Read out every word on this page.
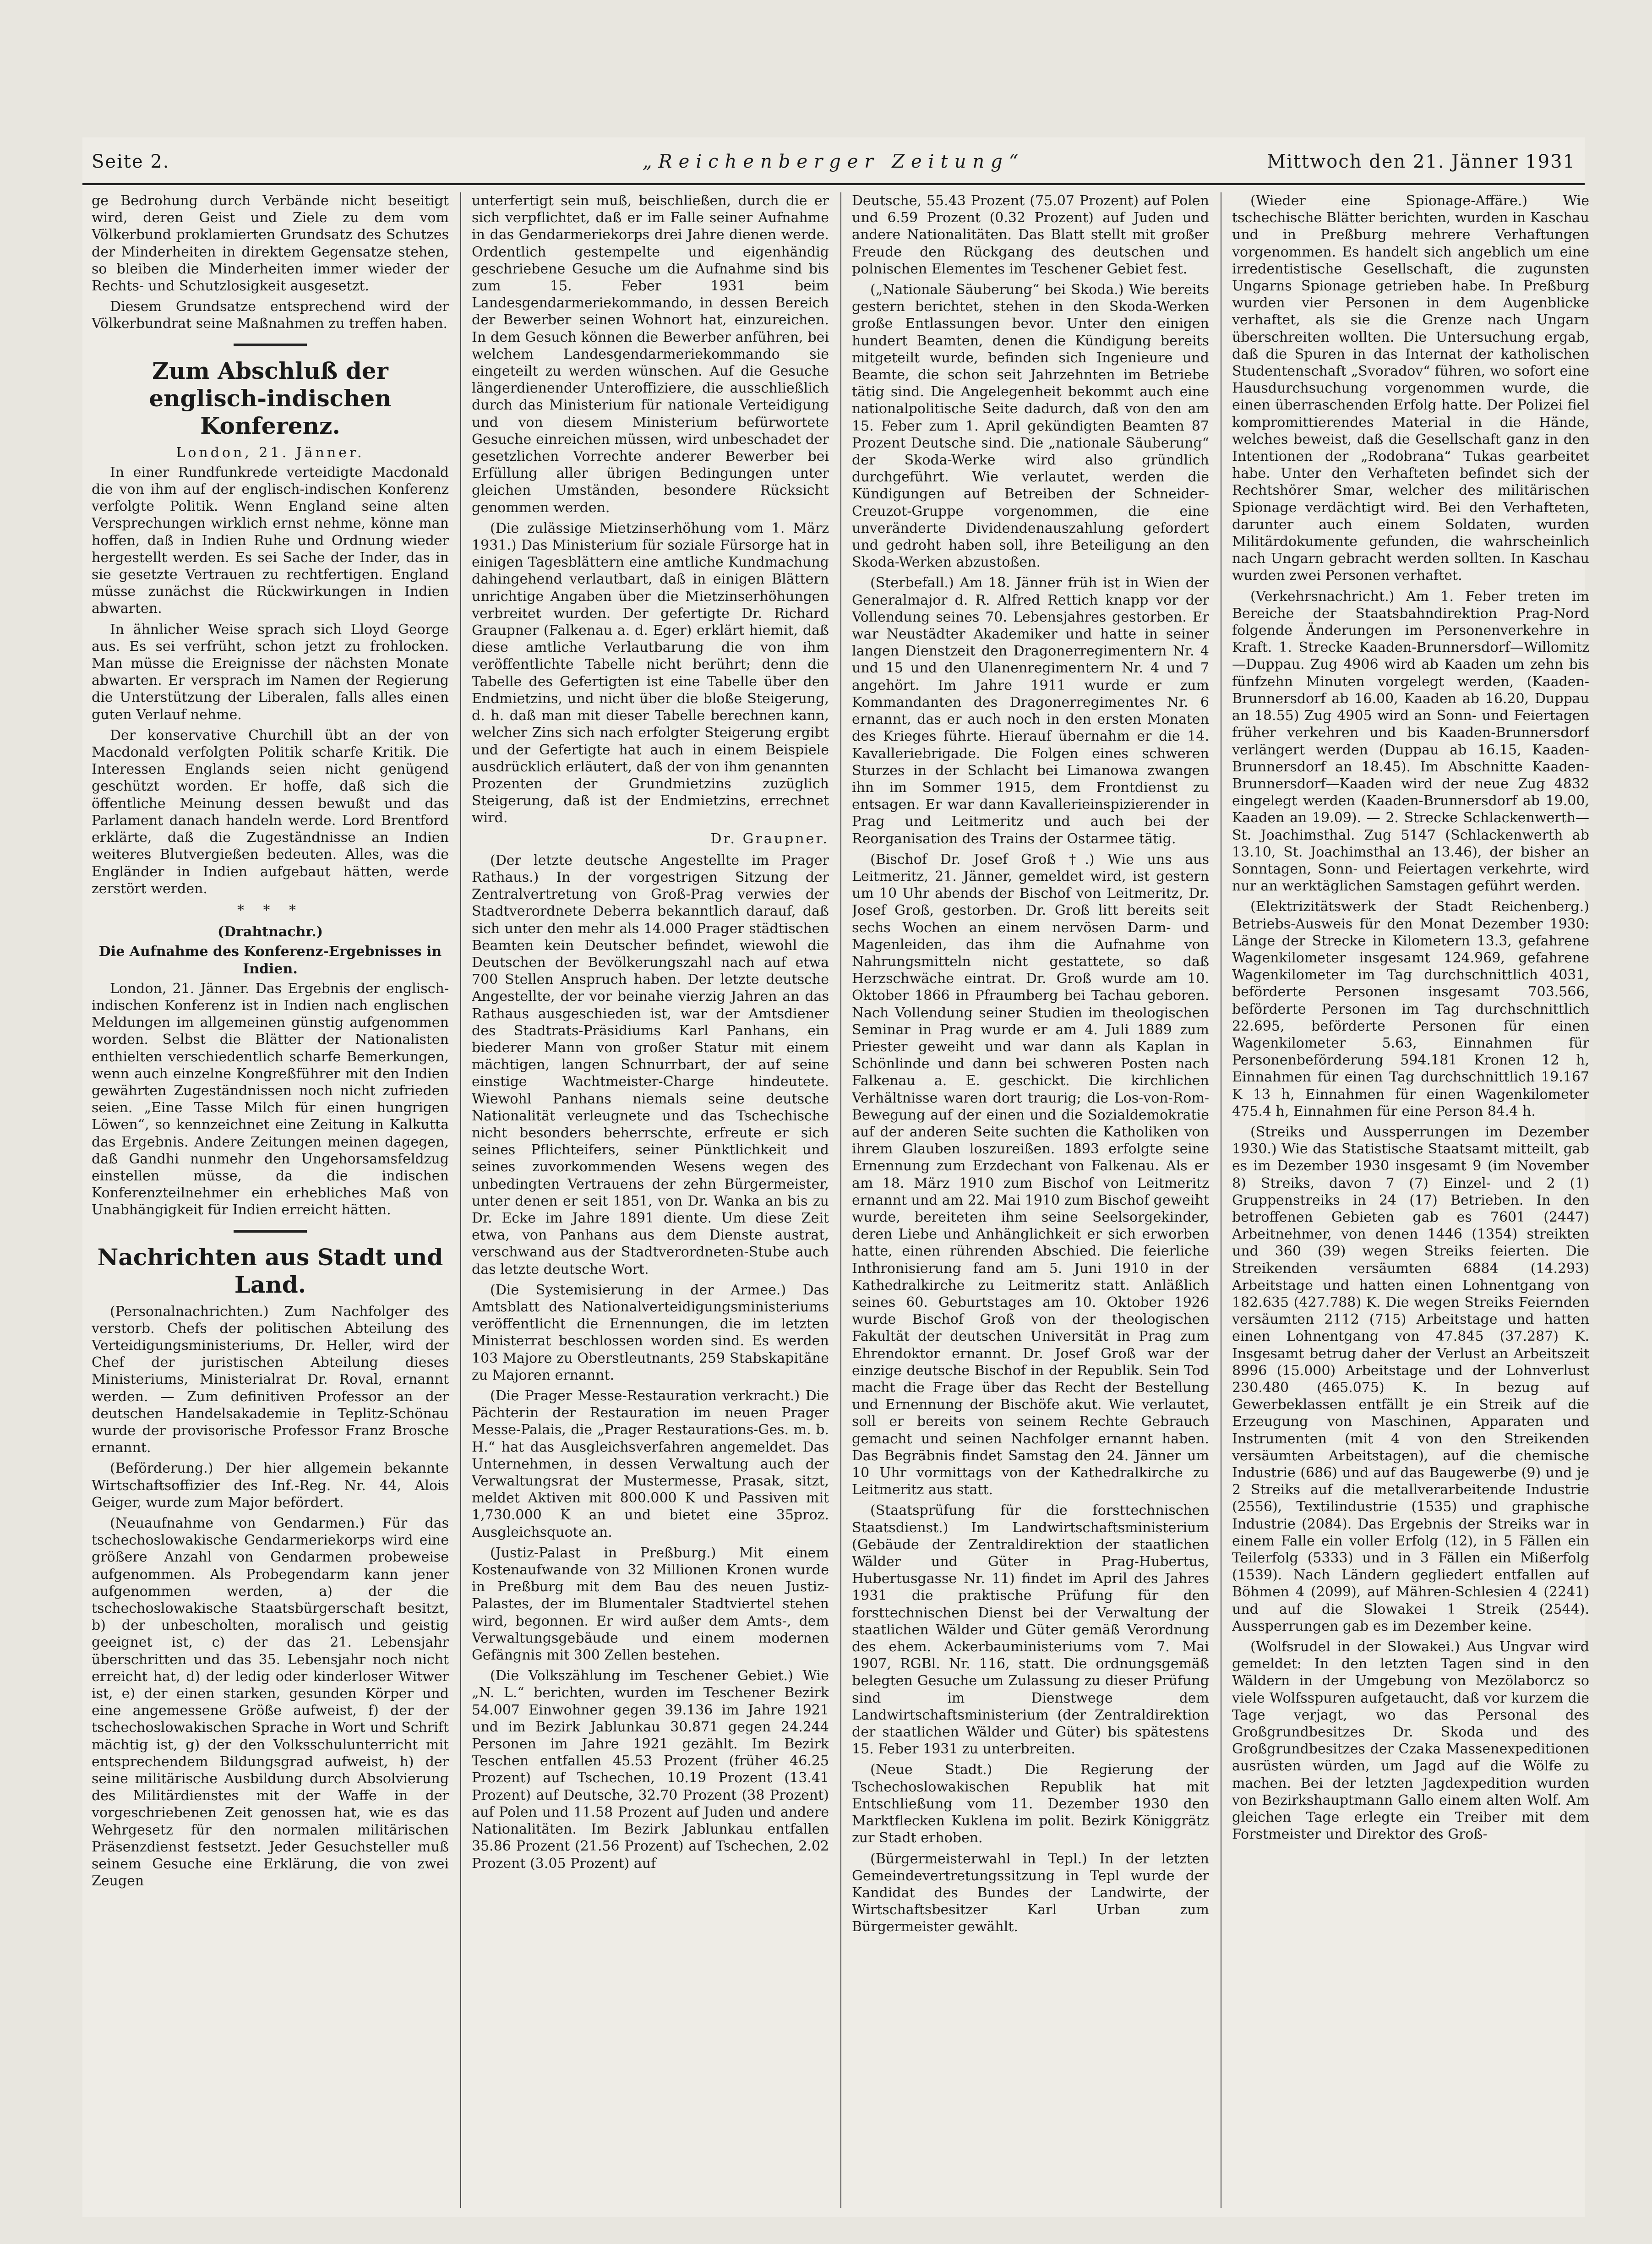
Seite 2.	„Reichenberger Zeitung“	Mittwoch den 21. Jänner 1931

ge Bedrohung durch Verbände nicht beseitigt wird, deren Geist und Ziele zu dem vom Völkerbund proklamierten Grundsatz des Schutzes der Minderheiten in direktem Gegensatze stehen, so bleiben die Minderheiten immer wieder der Rechts- und Schutzlosigkeit ausgesetzt.

Diesem Grundsatze entsprechend wird der Völkerbundrat seine Maßnahmen zu treffen haben.

Zum Abschluß der englisch-indischen Konferenz.
London, 21. Jänner.

In einer Rundfunkrede verteidigte Macdonald die von ihm auf der englisch-indischen Konferenz verfolgte Politik. Wenn England seine alten Versprechungen wirklich ernst nehme, könne man hoffen, daß in Indien Ruhe und Ordnung wieder hergestellt werden. Es sei Sache der Inder, das in sie gesetzte Vertrauen zu rechtfertigen. England müsse zunächst die Rückwirkungen in Indien abwarten.

In ähnlicher Weise sprach sich Lloyd George aus. Es sei verfrüht, schon jetzt zu frohlocken. Man müsse die Ereignisse der nächsten Monate abwarten. Er versprach im Namen der Regierung die Unterstützung der Liberalen, falls alles einen guten Verlauf nehme.

Der konservative Churchill übt an der von Macdonald verfolgten Politik scharfe Kritik. Die Interessen Englands seien nicht genügend geschützt worden. Er hoffe, daß sich die öffentliche Meinung dessen bewußt und das Parlament danach handeln werde. Lord Brentford erklärte, daß die Zugeständnisse an Indien weiteres Blutvergießen bedeuten. Alles, was die Engländer in Indien aufgebaut hätten, werde zerstört werden.

* * *
(Drahtnachr.)
Die Aufnahme des Konferenz-Ergebnisses in Indien.

London, 21. Jänner. Das Ergebnis der englisch-indischen Konferenz ist in Indien nach englischen Meldungen im allgemeinen günstig aufgenommen worden. Selbst die Blätter der Nationalisten enthielten verschiedentlich scharfe Bemerkungen, wenn auch einzelne Kongreßführer mit den Indien gewährten Zugeständnissen noch nicht zufrieden seien. „Eine Tasse Milch für einen hungrigen Löwen“, so kennzeichnet eine Zeitung in Kalkutta das Ergebnis. Andere Zeitungen meinen dagegen, daß Gandhi nunmehr den Ungehorsamsfeldzug einstellen müsse, da die indischen Konferenzteilnehmer ein erhebliches Maß von Unabhängigkeit für Indien erreicht hätten.

Nachrichten aus Stadt und Land.

(Personalnachrichten.) Zum Nachfolger des verstorb. Chefs der politischen Abteilung des Verteidigungsministeriums, Dr. Heller, wird der Chef der juristischen Abteilung dieses Ministeriums, Ministerialrat Dr. Roval, ernannt werden. — Zum definitiven Professor an der deutschen Handelsakademie in Teplitz-Schönau wurde der provisorische Professor Franz Brosche ernannt.

(Beförderung.) Der hier allgemein bekannte Wirtschaftsoffizier des Inf.-Reg. Nr. 44, Alois Geiger, wurde zum Major befördert.

(Neuaufnahme von Gendarmen.) Für das tschechoslowakische Gendarmeriekorps wird eine größere Anzahl von Gendarmen probeweise aufgenommen. Als Probegendarm kann jener aufgenommen werden, a) der die tschechoslowakische Staatsbürgerschaft besitzt, b) der unbescholten, moralisch und geistig geeignet ist, c) der das 21. Lebensjahr überschritten und das 35. Lebensjahr noch nicht erreicht hat, d) der ledig oder kinderloser Witwer ist, e) der einen starken, gesunden Körper und eine angemessene Größe aufweist, f) der der tschechoslowakischen Sprache in Wort und Schrift mächtig ist, g) der den Volksschulunterricht mit entsprechendem Bildungsgrad aufweist, h) der seine militärische Ausbildung durch Absolvierung des Militärdienstes mit der Waffe in der vorgeschriebenen Zeit genossen hat, wie es das Wehrgesetz für den normalen militärischen Präsenzdienst festsetzt. Jeder Gesuchsteller muß seinem Gesuche eine Erklärung, die von zwei Zeugen

unterfertigt sein muß, beischließen, durch die er sich verpflichtet, daß er im Falle seiner Aufnahme in das Gendarmeriekorps drei Jahre dienen werde. Ordentlich gestempelte und eigenhändig geschriebene Gesuche um die Aufnahme sind bis zum 15. Feber 1931 beim Landesgendarmeriekommando, in dessen Bereich der Bewerber seinen Wohnort hat, einzureichen. In dem Gesuch können die Bewerber anführen, bei welchem Landesgendarmeriekommando sie eingeteilt zu werden wünschen. Auf die Gesuche längerdienender Unteroffiziere, die ausschließlich durch das Ministerium für nationale Verteidigung und von diesem Ministerium befürwortete Gesuche einreichen müssen, wird unbeschadet der gesetzlichen Vorrechte anderer Bewerber bei Erfüllung aller übrigen Bedingungen unter gleichen Umständen, besondere Rücksicht genommen werden.

(Die zulässige Mietzinserhöhung vom 1. März 1931.) Das Ministerium für soziale Fürsorge hat in einigen Tagesblättern eine amtliche Kundmachung dahingehend verlautbart, daß in einigen Blättern unrichtige Angaben über die Mietzinserhöhungen verbreitet wurden. Der gefertigte Dr. Richard Graupner (Falkenau a. d. Eger) erklärt hiemit, daß diese amtliche Verlautbarung die von ihm veröffentlichte Tabelle nicht berührt; denn die Tabelle des Gefertigten ist eine Tabelle über den Endmietzins, und nicht über die bloße Steigerung, d. h. daß man mit dieser Tabelle berechnen kann, welcher Zins sich nach erfolgter Steigerung ergibt und der Gefertigte hat auch in einem Beispiele ausdrücklich erläutert, daß der von ihm genannten Prozenten der Grundmietzins zuzüglich Steigerung, daß ist der Endmietzins, errechnet wird.

Dr. Graupner.

(Der letzte deutsche Angestellte im Prager Rathaus.) In der vorgestrigen Sitzung der Zentralvertretung von Groß-Prag verwies der Stadtverordnete Deberra bekanntlich darauf, daß sich unter den mehr als 14.000 Prager städtischen Beamten kein Deutscher befindet, wiewohl die Deutschen der Bevölkerungszahl nach auf etwa 700 Stellen Anspruch haben. Der letzte deutsche Angestellte, der vor beinahe vierzig Jahren an das Rathaus ausgeschieden ist, war der Amtsdiener des Stadtrats-Präsidiums Karl Panhans, ein biederer Mann von großer Statur mit einem mächtigen, langen Schnurrbart, der auf seine einstige Wachtmeister-Charge hindeutete. Wiewohl Panhans niemals seine deutsche Nationalität verleugnete und das Tschechische nicht besonders beherrschte, erfreute er sich seines Pflichteifers, seiner Pünktlichkeit und seines zuvorkommenden Wesens wegen des unbedingten Vertrauens der zehn Bürgermeister, unter denen er seit 1851, von Dr. Wanka an bis zu Dr. Ecke im Jahre 1891 diente. Um diese Zeit etwa, von Panhans aus dem Dienste austrat, verschwand aus der Stadtverordneten-Stube auch das letzte deutsche Wort.

(Die Systemisierung in der Armee.) Das Amtsblatt des Nationalverteidigungsministeriums veröffentlicht die Ernennungen, die im letzten Ministerrat beschlossen worden sind. Es werden 103 Majore zu Oberstleutnants, 259 Stabskapitäne zu Majoren ernannt.

(Die Prager Messe-Restauration verkracht.) Die Pächterin der Restauration im neuen Prager Messe-Palais, die „Prager Restaurations-Ges. m. b. H.“ hat das Ausgleichsverfahren angemeldet. Das Unternehmen, in dessen Verwaltung auch der Verwaltungsrat der Mustermesse, Prasak, sitzt, meldet Aktiven mit 800.000 K und Passiven mit 1,730.000 K an und bietet eine 35proz. Ausgleichsquote an.

(Justiz-Palast in Preßburg.) Mit einem Kostenaufwande von 32 Millionen Kronen wurde in Preßburg mit dem Bau des neuen Justiz-Palastes, der im Blumentaler Stadtviertel stehen wird, begonnen. Er wird außer dem Amts-, dem Verwaltungsgebäude und einem modernen Gefängnis mit 300 Zellen bestehen.

(Die Volkszählung im Teschener Gebiet.) Wie „N. L.“ berichten, wurden im Teschener Bezirk 54.007 Einwohner gegen 39.136 im Jahre 1921 und im Bezirk Jablunkau 30.871 gegen 24.244 Personen im Jahre 1921 gezählt. Im Bezirk Teschen entfallen 45.53 Prozent (früher 46.25 Prozent) auf Tschechen, 10.19 Prozent (13.41 Prozent) auf Deutsche, 32.70 Prozent (38 Prozent) auf Polen und 11.58 Prozent auf Juden und andere Nationalitäten. Im Bezirk Jablunkau entfallen 35.86 Prozent (21.56 Prozent) auf Tschechen, 2.02 Prozent (3.05 Prozent) auf

Deutsche, 55.43 Prozent (75.07 Prozent) auf Polen und 6.59 Prozent (0.32 Prozent) auf Juden und andere Nationalitäten. Das Blatt stellt mit großer Freude den Rückgang des deutschen und polnischen Elementes im Teschener Gebiet fest.

(„Nationale Säuberung“ bei Skoda.) Wie bereits gestern berichtet, stehen in den Skoda-Werken große Entlassungen bevor. Unter den einigen hundert Beamten, denen die Kündigung bereits mitgeteilt wurde, befinden sich Ingenieure und Beamte, die schon seit Jahrzehnten im Betriebe tätig sind. Die Angelegenheit bekommt auch eine nationalpolitische Seite dadurch, daß von den am 15. Feber zum 1. April gekündigten Beamten 87 Prozent Deutsche sind. Die „nationale Säuberung“ der Skoda-Werke wird also gründlich durchgeführt. Wie verlautet, werden die Kündigungen auf Betreiben der Schneider-Creuzot-Gruppe vorgenommen, die eine unveränderte Dividendenauszahlung gefordert und gedroht haben soll, ihre Beteiligung an den Skoda-Werken abzustoßen.

(Sterbefall.) Am 18. Jänner früh ist in Wien der Generalmajor d. R. Alfred Rettich knapp vor der Vollendung seines 70. Lebensjahres gestorben. Er war Neustädter Akademiker und hatte in seiner langen Dienstzeit den Dragonerregimentern Nr. 4 und 15 und den Ulanenregimentern Nr. 4 und 7 angehört. Im Jahre 1911 wurde er zum Kommandanten des Dragonerregimentes Nr. 6 ernannt, das er auch noch in den ersten Monaten des Krieges führte. Hierauf übernahm er die 14. Kavalleriebrigade. Die Folgen eines schweren Sturzes in der Schlacht bei Limanowa zwangen ihn im Sommer 1915, dem Frontdienst zu entsagen. Er war dann Kavallerieinspizierender in Prag und Leitmeritz und auch bei der Reorganisation des Trains der Ostarmee tätig.

(Bischof Dr. Josef Groß †.) Wie uns aus Leitmeritz, 21. Jänner, gemeldet wird, ist gestern um 10 Uhr abends der Bischof von Leitmeritz, Dr. Josef Groß, gestorben. Dr. Groß litt bereits seit sechs Wochen an einem nervösen Darm- und Magenleiden, das ihm die Aufnahme von Nahrungsmitteln nicht gestattete, so daß Herzschwäche eintrat. Dr. Groß wurde am 10. Oktober 1866 in Pfraumberg bei Tachau geboren. Nach Vollendung seiner Studien im theologischen Seminar in Prag wurde er am 4. Juli 1889 zum Priester geweiht und war dann als Kaplan in Schönlinde und dann bei schweren Posten nach Falkenau a. E. geschickt. Die kirchlichen Verhältnisse waren dort traurig; die Los-von-Rom-Bewegung auf der einen und die Sozialdemokratie auf der anderen Seite suchten die Katholiken von ihrem Glauben loszureißen. 1893 erfolgte seine Ernennung zum Erzdechant von Falkenau. Als er am 18. März 1910 zum Bischof von Leitmeritz ernannt und am 22. Mai 1910 zum Bischof geweiht wurde, bereiteten ihm seine Seelsorgekinder, deren Liebe und Anhänglichkeit er sich erworben hatte, einen rührenden Abschied. Die feierliche Inthronisierung fand am 5. Juni 1910 in der Kathedralkirche zu Leitmeritz statt. Anläßlich seines 60. Geburtstages am 10. Oktober 1926 wurde Bischof Groß von der theologischen Fakultät der deutschen Universität in Prag zum Ehrendoktor ernannt. Dr. Josef Groß war der einzige deutsche Bischof in der Republik. Sein Tod macht die Frage über das Recht der Bestellung und Ernennung der Bischöfe akut. Wie verlautet, soll er bereits von seinem Rechte Gebrauch gemacht und seinen Nachfolger ernannt haben. Das Begräbnis findet Samstag den 24. Jänner um 10 Uhr vormittags von der Kathedralkirche zu Leitmeritz aus statt.

(Staatsprüfung für die forsttechnischen Staatsdienst.) Im Landwirtschaftsministerium (Gebäude der Zentraldirektion der staatlichen Wälder und Güter in Prag-Hubertus, Hubertusgasse Nr. 11) findet im April des Jahres 1931 die praktische Prüfung für den forsttechnischen Dienst bei der Verwaltung der staatlichen Wälder und Güter gemäß Verordnung des ehem. Ackerbauministeriums vom 7. Mai 1907, RGBl. Nr. 116, statt. Die ordnungsgemäß belegten Gesuche um Zulassung zu dieser Prüfung sind im Dienstwege dem Landwirtschaftsministerium (der Zentraldirektion der staatlichen Wälder und Güter) bis spätestens 15. Feber 1931 zu unterbreiten.

(Neue Stadt.) Die Regierung der Tschechoslowakischen Republik hat mit Entschließung vom 11. Dezember 1930 den Marktflecken Kuklena im polit. Bezirk Königgrätz zur Stadt erhoben.

(Bürgermeisterwahl in Tepl.) In der letzten Gemeindevertretungssitzung in Tepl wurde der Kandidat des Bundes der Landwirte, der Wirtschaftsbesitzer Karl Urban zum Bürgermeister gewählt.

(Wieder eine Spionage-Affäre.) Wie tschechische Blätter berichten, wurden in Kaschau und in Preßburg mehrere Verhaftungen vorgenommen. Es handelt sich angeblich um eine irredentistische Gesellschaft, die zugunsten Ungarns Spionage getrieben habe. In Preßburg wurden vier Personen in dem Augenblicke verhaftet, als sie die Grenze nach Ungarn überschreiten wollten. Die Untersuchung ergab, daß die Spuren in das Internat der katholischen Studentenschaft „Svoradov“ führen, wo sofort eine Hausdurchsuchung vorgenommen wurde, die einen überraschenden Erfolg hatte. Der Polizei fiel kompromittierendes Material in die Hände, welches beweist, daß die Gesellschaft ganz in den Intentionen der „Rodobrana“ Tukas gearbeitet habe. Unter den Verhafteten befindet sich der Rechtshörer Smar, welcher des militärischen Spionage verdächtigt wird. Bei den Verhafteten, darunter auch einem Soldaten, wurden Militärdokumente gefunden, die wahrscheinlich nach Ungarn gebracht werden sollten. In Kaschau wurden zwei Personen verhaftet.

(Verkehrsnachricht.) Am 1. Feber treten im Bereiche der Staatsbahndirektion Prag-Nord folgende Änderungen im Personenverkehre in Kraft. 1. Strecke Kaaden-Brunnersdorf—Willomitz—Duppau. Zug 4906 wird ab Kaaden um zehn bis fünfzehn Minuten vorgelegt werden, (Kaaden-Brunnersdorf ab 16.00, Kaaden ab 16.20, Duppau an 18.55) Zug 4905 wird an Sonn- und Feiertagen früher verkehren und bis Kaaden-Brunnersdorf verlängert werden (Duppau ab 16.15, Kaaden-Brunnersdorf an 18.45). Im Abschnitte Kaaden-Brunnersdorf—Kaaden wird der neue Zug 4832 eingelegt werden (Kaaden-Brunnersdorf ab 19.00, Kaaden an 19.09). — 2. Strecke Schlackenwerth—St. Joachimsthal. Zug 5147 (Schlackenwerth ab 13.10, St. Joachimsthal an 13.46), der bisher an Sonntagen, Sonn- und Feiertagen verkehrte, wird nur an werktäglichen Samstagen geführt werden.

(Elektrizitätswerk der Stadt Reichenberg.) Betriebs-Ausweis für den Monat Dezember 1930: Länge der Strecke in Kilometern 13.3, gefahrene Wagenkilometer insgesamt 124.969, gefahrene Wagenkilometer im Tag durchschnittlich 4031, beförderte Personen insgesamt 703.566, beförderte Personen im Tag durchschnittlich 22.695, beförderte Personen für einen Wagenkilometer 5.63, Einnahmen für Personenbeförderung 594.181 Kronen 12 h, Einnahmen für einen Tag durchschnittlich 19.167 K 13 h, Einnahmen für einen Wagenkilometer 475.4 h, Einnahmen für eine Person 84.4 h.

(Streiks und Aussperrungen im Dezember 1930.) Wie das Statistische Staatsamt mitteilt, gab es im Dezember 1930 insgesamt 9 (im November 8) Streiks, davon 7 (7) Einzel- und 2 (1) Gruppenstreiks in 24 (17) Betrieben. In den betroffenen Gebieten gab es 7601 (2447) Arbeitnehmer, von denen 1446 (1354) streikten und 360 (39) wegen Streiks feierten. Die Streikenden versäumten 6884 (14.293) Arbeitstage und hatten einen Lohnentgang von 182.635 (427.788) K. Die wegen Streiks Feiernden versäumten 2112 (715) Arbeitstage und hatten einen Lohnentgang von 47.845 (37.287) K. Insgesamt betrug daher der Verlust an Arbeitszeit 8996 (15.000) Arbeitstage und der Lohnverlust 230.480 (465.075) K. In bezug auf Gewerbeklassen entfällt je ein Streik auf die Erzeugung von Maschinen, Apparaten und Instrumenten (mit 4 von den Streikenden versäumten Arbeitstagen), auf die chemische Industrie (686) und auf das Baugewerbe (9) und je 2 Streiks auf die metallverarbeitende Industrie (2556), Textilindustrie (1535) und graphische Industrie (2084). Das Ergebnis der Streiks war in einem Falle ein voller Erfolg (12), in 5 Fällen ein Teilerfolg (5333) und in 3 Fällen ein Mißerfolg (1539). Nach Ländern gegliedert entfallen auf Böhmen 4 (2099), auf Mähren-Schlesien 4 (2241) und auf die Slowakei 1 Streik (2544). Aussperrungen gab es im Dezember keine.

(Wolfsrudel in der Slowakei.) Aus Ungvar wird gemeldet: In den letzten Tagen sind in den Wäldern in der Umgebung von Mezölaborcz so viele Wolfsspuren aufgetaucht, daß vor kurzem die Tage verjagt, wo das Personal des Großgrundbesitzes Dr. Skoda und des Großgrundbesitzes der Czaka Massenexpeditionen ausrüsten würden, um Jagd auf die Wölfe zu machen. Bei der letzten Jagdexpedition wurden von Bezirkshauptmann Gallo einem alten Wolf. Am gleichen Tage erlegte ein Treiber mit dem Forstmeister und Direktor des Groß-
